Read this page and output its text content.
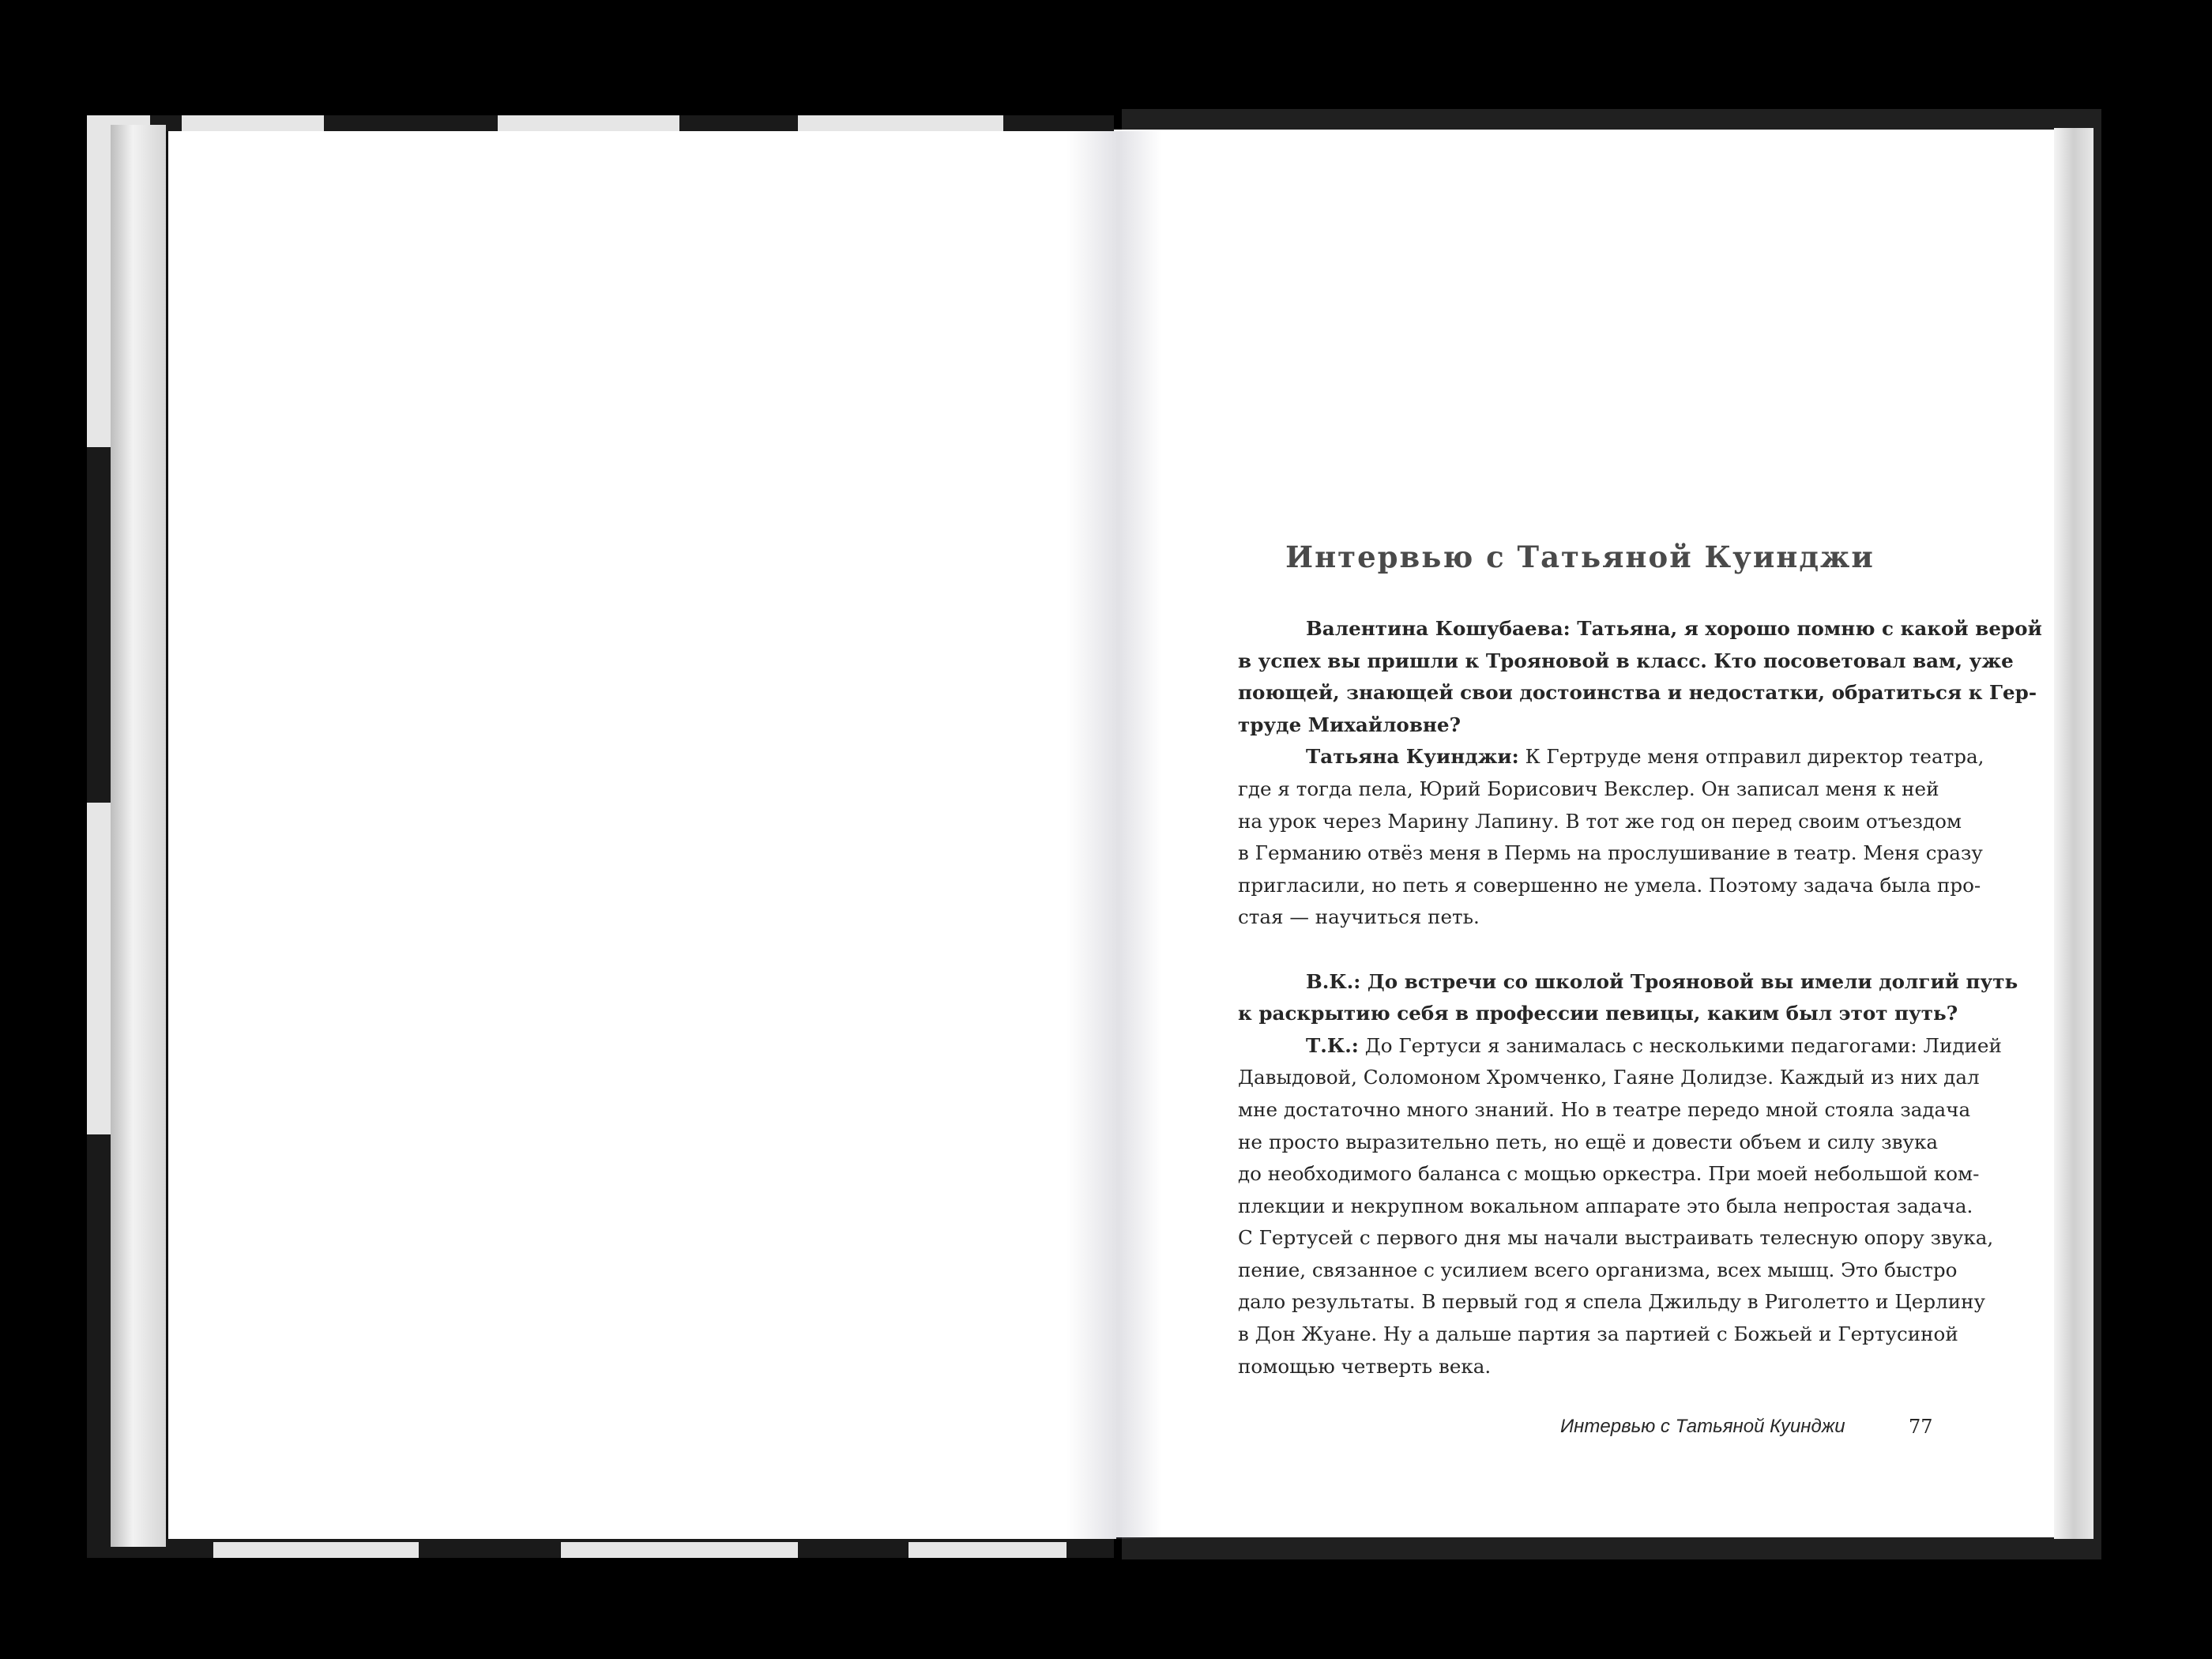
Интервью с Татьяной Куинджи
Валентина Кошубаева: Татьяна, я хорошо помню с какой верой
в успех вы пришли к Трояновой в класс. Кто посоветовал вам, уже
поющей, знающей свои достоинства и недостатки, обратиться к Гер-
труде Михайловне?
Татьяна Куинджи: К Гертруде меня отправил директор театра,
где я тогда пела, Юрий Борисович Векслер. Он записал меня к ней
на урок через Марину Лапину. В тот же год он перед своим отъездом
в Германию отвёз меня в Пермь на прослушивание в театр. Меня сразу
пригласили, но петь я совершенно не умела. Поэтому задача была про-
стая — научиться петь.
В.К.: До встречи со школой Трояновой вы имели долгий путь
к раскрытию себя в профессии певицы, каким был этот путь?
Т.К.: До Гертуси я занималась с несколькими педагогами: Лидией
Давыдовой, Соломоном Хромченко, Гаяне Долидзе. Каждый из них дал
мне достаточно много знаний. Но в театре передо мной стояла задача
не просто выразительно петь, но ещё и довести объем и силу звука
до необходимого баланса с мощью оркестра. При моей небольшой ком-
плекции и некрупном вокальном аппарате это была непростая задача.
С Гертусей с первого дня мы начали выстраивать телесную опору звука,
пение, связанное с усилием всего организма, всех мышц. Это быстро
дало результаты. В первый год я спела Джильду в Риголетто и Церлину
в Дон Жуане. Ну а дальше партия за партией с Божьей и Гертусиной
помощью четверть века.
Интервью с Татьяной Куинджи	77
